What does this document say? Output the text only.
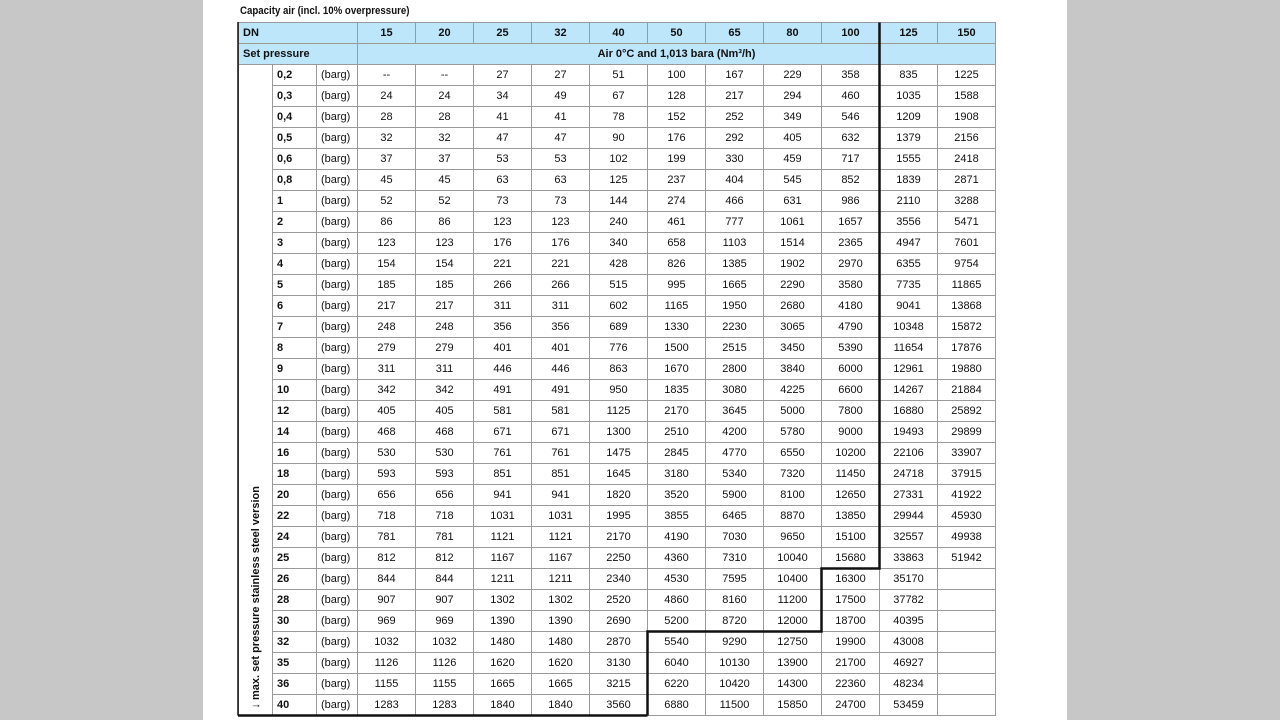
Capacity air (incl. 10% overpressure)
DN			15	20	25	32	40	50	65	80	100	125	150
Set pressure			Air 0°C and 1,013 bara (Nm³/h)										

↓ max. set pressure stainless steel version	0,2	(barg)	--	--	27	27	51	100	167	229	358	835	1225
	0,3	(barg)	24	24	34	49	67	128	217	294	460	1035	1588
	0,4	(barg)	28	28	41	41	78	152	252	349	546	1209	1908
	0,5	(barg)	32	32	47	47	90	176	292	405	632	1379	2156
	0,6	(barg)	37	37	53	53	102	199	330	459	717	1555	2418
	0,8	(barg)	45	45	63	63	125	237	404	545	852	1839	2871
	1	(barg)	52	52	73	73	144	274	466	631	986	2110	3288
	2	(barg)	86	86	123	123	240	461	777	1061	1657	3556	5471
	3	(barg)	123	123	176	176	340	658	1103	1514	2365	4947	7601
	4	(barg)	154	154	221	221	428	826	1385	1902	2970	6355	9754
	5	(barg)	185	185	266	266	515	995	1665	2290	3580	7735	11865
	6	(barg)	217	217	311	311	602	1165	1950	2680	4180	9041	13868
	7	(barg)	248	248	356	356	689	1330	2230	3065	4790	10348	15872
	8	(barg)	279	279	401	401	776	1500	2515	3450	5390	11654	17876
	9	(barg)	311	311	446	446	863	1670	2800	3840	6000	12961	19880
	10	(barg)	342	342	491	491	950	1835	3080	4225	6600	14267	21884
	12	(barg)	405	405	581	581	1125	2170	3645	5000	7800	16880	25892
	14	(barg)	468	468	671	671	1300	2510	4200	5780	9000	19493	29899
	16	(barg)	530	530	761	761	1475	2845	4770	6550	10200	22106	33907
	18	(barg)	593	593	851	851	1645	3180	5340	7320	11450	24718	37915
	20	(barg)	656	656	941	941	1820	3520	5900	8100	12650	27331	41922
	22	(barg)	718	718	1031	1031	1995	3855	6465	8870	13850	29944	45930
	24	(barg)	781	781	1121	1121	2170	4190	7030	9650	15100	32557	49938
	25	(barg)	812	812	1167	1167	2250	4360	7310	10040	15680	33863	51942
	26	(barg)	844	844	1211	1211	2340	4530	7595	10400	16300	35170	
	28	(barg)	907	907	1302	1302	2520	4860	8160	11200	17500	37782	
	30	(barg)	969	969	1390	1390	2690	5200	8720	12000	18700	40395	
	32	(barg)	1032	1032	1480	1480	2870	5540	9290	12750	19900	43008	
	35	(barg)	1126	1126	1620	1620	3130	6040	10130	13900	21700	46927	
	36	(barg)	1155	1155	1665	1665	3215	6220	10420	14300	22360	48234	
	40	(barg)	1283	1283	1840	1840	3560	6880	11500	15850	24700	53459	
